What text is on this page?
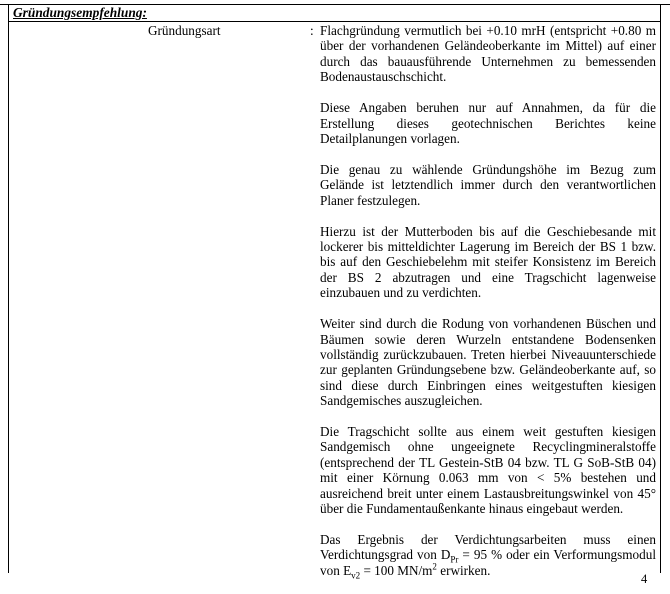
Gründungsempfehlung:
Gründungsart	: Flachgründung vermutlich bei +0.10 mrH (entspricht +0.80 m über der vorhandenen Geländeoberkante im Mittel) auf einer durch das bauausführende Unternehmen zu bemessenden Bodenaustauschschicht.

Diese Angaben beruhen nur auf Annahmen, da für die Erstellung dieses geotechnischen Berichtes keine Detailplanungen vorlagen.

Die genau zu wählende Gründungshöhe im Bezug zum Gelände ist letztendlich immer durch den verantwortlichen Planer festzulegen.

Hierzu ist der Mutterboden bis auf die Geschiebesande mit lockerer bis mitteldichter Lagerung im Bereich der BS 1 bzw. bis auf den Geschiebelehm mit steifer Konsistenz im Bereich der BS 2 abzutragen und eine Tragschicht lagenweise einzubauen und zu verdichten.

Weiter sind durch die Rodung von vorhandenen Büschen und Bäumen sowie deren Wurzeln entstandene Bodensenken vollständig zurückzubauen. Treten hierbei Niveauunterschiede zur geplanten Gründungsebene bzw. Geländeoberkante auf, so sind diese durch Einbringen eines weitgestuften kiesigen Sandgemisches auszugleichen.

Die Tragschicht sollte aus einem weit gestuften kiesigen Sandgemisch ohne ungeeignete Recyclingmineralstoffe (entsprechend der TL Gestein-StB 04 bzw. TL G SoB-StB 04) mit einer Körnung 0.063 mm von < 5% bestehen und ausreichend breit unter einem Lastausbreitungswinkel von 45° über die Fundamentaußenkante hinaus eingebaut werden.

Das Ergebnis der Verdichtungsarbeiten muss einen Verdichtungsgrad von $D_{Pr} = 95$ % oder ein Verformungsmodul von $E_{v2} = 100$ $MN/m^2$ erwirken.

4
